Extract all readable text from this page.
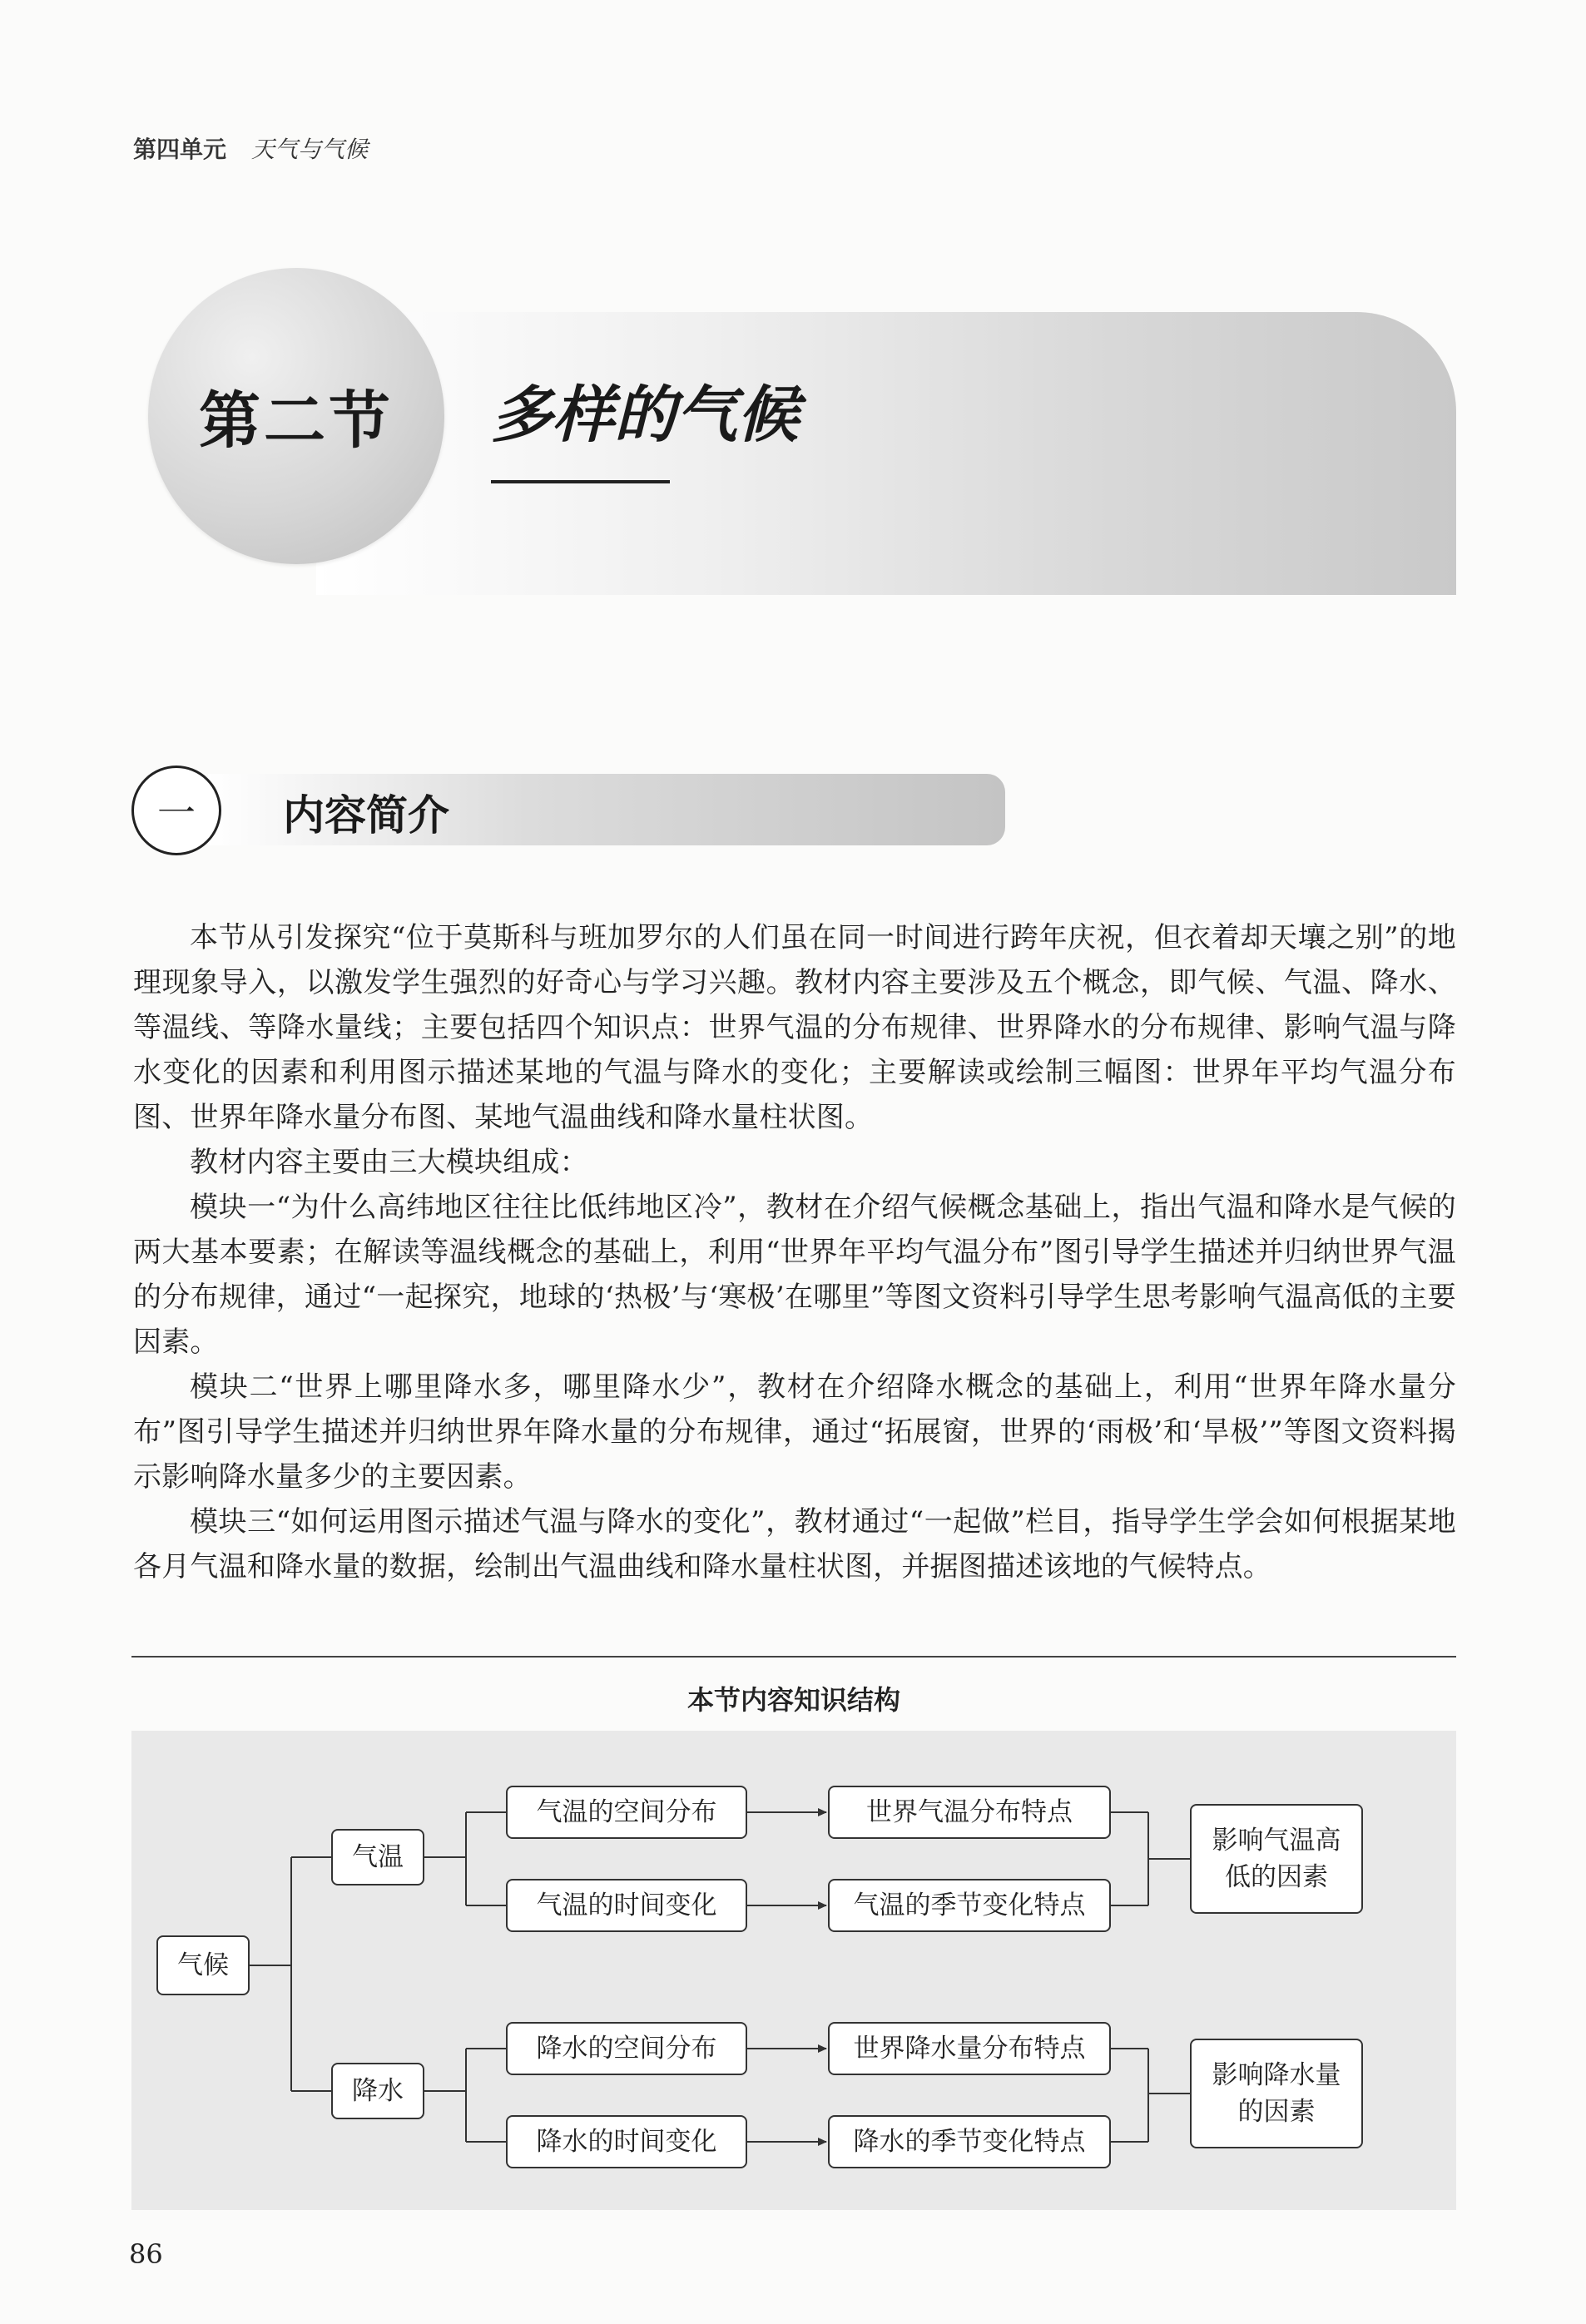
第四单元 天气与气候
第二节	多样的气候
一	内容简介

本节从引发探究“位于莫斯科与班加罗尔的人们虽在同一时间进行跨年庆祝，但衣着却天壤之别”的地理现象导入，以激发学生强烈的好奇心与学习兴趣。教材内容主要涉及五个概念，即气候、气温、降水、等温线、等降水量线；主要包括四个知识点：世界气温的分布规律、世界降水的分布规律、影响气温与降水变化的因素和利用图示描述某地的气温与降水的变化；主要解读或绘制三幅图：世界年平均气温分布图、世界年降水量分布图、某地气温曲线和降水量柱状图。

教材内容主要由三大模块组成：

模块一“为什么高纬地区往往比低纬地区冷”，教材在介绍气候概念基础上，指出气温和降水是气候的两大基本要素；在解读等温线概念的基础上，利用“世界年平均气温分布”图引导学生描述并归纳世界气温的分布规律，通过“一起探究，地球的‘热极’与‘寒极’在哪里”等图文资料引导学生思考影响气温高低的主要因素。

模块二“世界上哪里降水多，哪里降水少”，教材在介绍降水概念的基础上，利用“世界年降水量分布”图引导学生描述并归纳世界年降水量的分布规律，通过“拓展窗，世界的‘雨极’和‘旱极’”等图文资料揭示影响降水量多少的主要因素。

模块三“如何运用图示描述气温与降水的变化”，教材通过“一起做”栏目，指导学生学会如何根据某地各月气温和降水量的数据，绘制出气温曲线和降水量柱状图，并据图描述该地的气候特点。

本节内容知识结构
气候
气温
降水
气温的空间分布
气温的时间变化
降水的空间分布
降水的时间变化
世界气温分布特点
气温的季节变化特点
世界降水量分布特点
降水的季节变化特点
影响气温高低的因素
影响降水量的因素
86
